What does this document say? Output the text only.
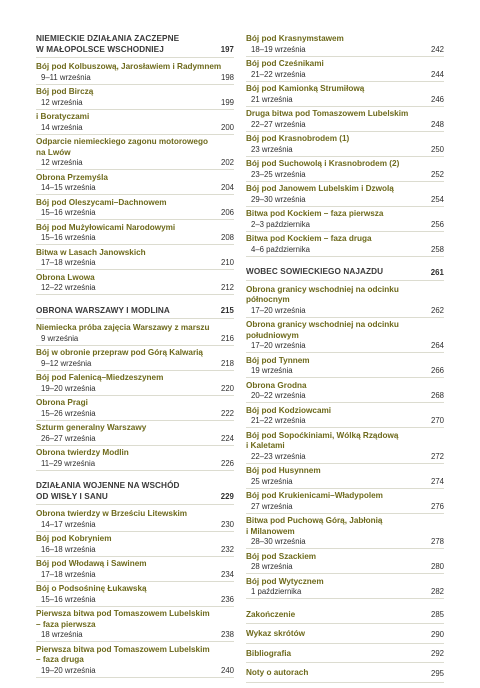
NIEMIECKIE DZIAŁANIA ZACZEPNE
W MAŁOPOLSCE WSCHODNIEJ	197
Bój pod Kolbuszową, Jarosławiem i Radymnem
9–11 września	198
Bój pod Birczą
12 września	199
i Boratyczami
14 września	200
Odparcie niemieckiego zagonu motorowego
na Lwów
12 września	202
Obrona Przemyśla
14–15 września	204
Bój pod Oleszycami–Dachnowem
15–16 września	206
Bój pod Mużyłowicami Narodowymi
15–16 września	208
Bitwa w Lasach Janowskich
17–18 września	210
Obrona Lwowa
12–22 września	212
OBRONA WARSZAWY I MODLINA	215
Niemiecka próba zajęcia Warszawy z marszu
9 września	216
Bój w obronie przepraw pod Górą Kalwarią
9–12 września	218
Bój pod Falenicą–Miedzeszynem
19–20 września	220
Obrona Pragi
15–26 września	222
Szturm generalny Warszawy
26–27 września	224
Obrona twierdzy Modlin
11–29 września	226
DZIAŁANIA WOJENNE NA WSCHÓD
OD WISŁY I SANU	229
Obrona twierdzy w Brześciu Litewskim
14–17 września	230
Bój pod Kobryniem
16–18 września	232
Bój pod Włodawą i Sawinem
17–18 września	234
Bój o Podsośninę Łukawską
15–16 września	236
Pierwsza bitwa pod Tomaszowem Lubelskim
– faza pierwsza
18 września	238
Pierwsza bitwa pod Tomaszowem Lubelskim
– faza druga
19–20 września	240
Bój pod Krasnymstawem
18–19 września	242
Bój pod Cześnikami
21–22 września	244
Bój pod Kamionką Strumiłową
21 września	246
Druga bitwa pod Tomaszowem Lubelskim
22–27 września	248
Bój pod Krasnobrodem (1)
23 września	250
Bój pod Suchowolą i Krasnobrodem (2)
23–25 września	252
Bój pod Janowem Lubelskim i Dzwolą
29–30 września	254
Bitwa pod Kockiem – faza pierwsza
2–3 października	256
Bitwa pod Kockiem – faza druga
4–6 października	258
WOBEC SOWIECKIEGO NAJAZDU	261
Obrona granicy wschodniej na odcinku
północnym
17–20 września	262
Obrona granicy wschodniej na odcinku
południowym
17–20 września	264
Bój pod Tynnem
19 września	266
Obrona Grodna
20–22 września	268
Bój pod Kodziowcami
21–22 września	270
Bój pod Sopoćkiniami, Wólką Rządową
i Kaletami
22–23 września	272
Bój pod Husynnem
25 września	274
Bój pod Krukienicami–Władypolem
27 września	276
Bitwa pod Puchową Górą, Jabłonią
i Milanowem
28–30 września	278
Bój pod Szackiem
28 września	280
Bój pod Wytycznem
1 października	282
Zakończenie	285
Wykaz skrótów	290
Bibliografia	292
Noty o autorach	295
